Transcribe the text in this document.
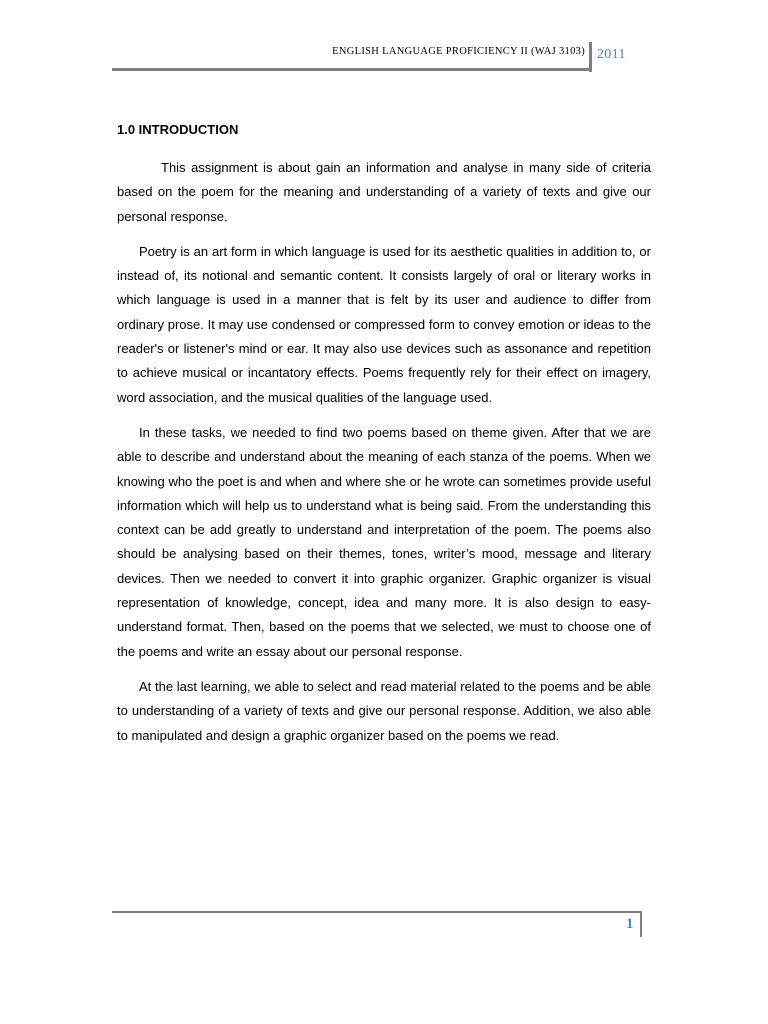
ENGLISH LANGUAGE PROFICIENCY II (WAJ 3103) 2011
1.0 INTRODUCTION

This assignment is about gain an information and analyse in many side of criteria based on the poem for the meaning and understanding of a variety of texts and give our personal response.

Poetry is an art form in which language is used for its aesthetic qualities in addition to, or instead of, its notional and semantic content. It consists largely of oral or literary works in which language is used in a manner that is felt by its user and audience to differ from ordinary prose. It may use condensed or compressed form to convey emotion or ideas to the reader's or listener's mind or ear. It may also use devices such as assonance and repetition to achieve musical or incantatory effects. Poems frequently rely for their effect on imagery, word association, and the musical qualities of the language used.

In these tasks, we needed to find two poems based on theme given. After that we are able to describe and understand about the meaning of each stanza of the poems. When we knowing who the poet is and when and where she or he wrote can sometimes provide useful information which will help us to understand what is being said. From the understanding this context can be add greatly to understand and interpretation of the poem. The poems also should be analysing based on their themes, tones, writer’s mood, message and literary devices. Then we needed to convert it into graphic organizer. Graphic organizer is visual representation of knowledge, concept, idea and many more. It is also design to easy-understand format. Then, based on the poems that we selected, we must to choose one of the poems and write an essay about our personal response.

At the last learning, we able to select and read material related to the poems and be able to understanding of a variety of texts and give our personal response. Addition, we also able to manipulated and design a graphic organizer based on the poems we read.

1
